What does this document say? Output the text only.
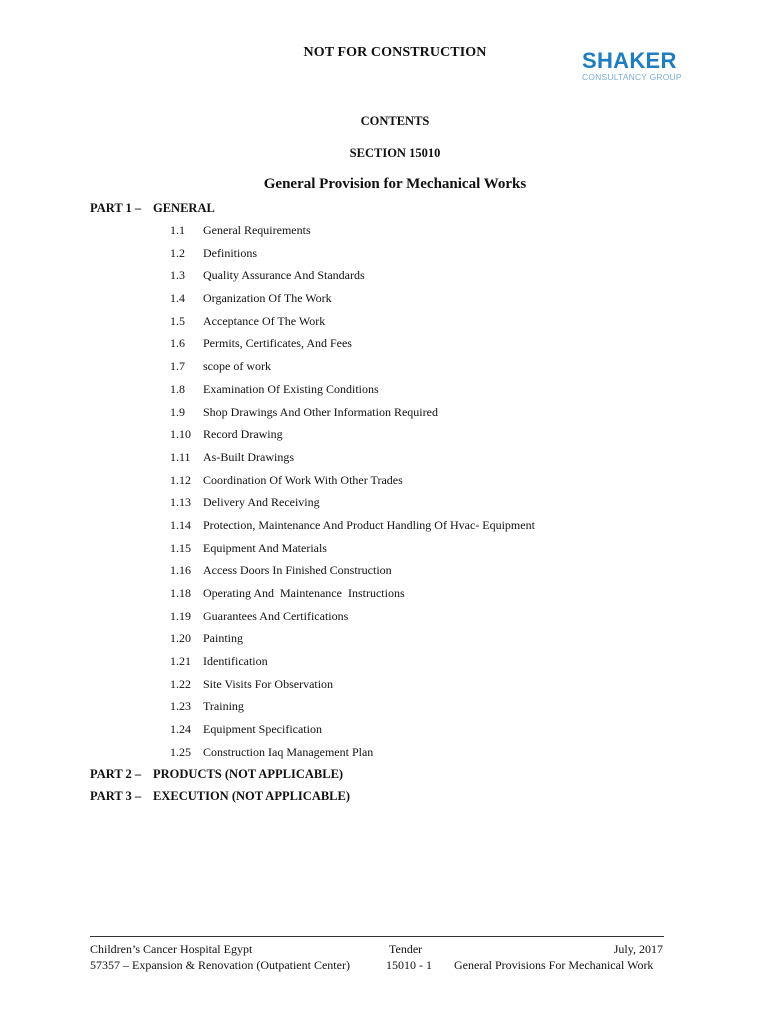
NOT FOR CONSTRUCTION	SHAKER
CONSULTANCY GROUP
CONTENTS
SECTION 15010
General Provision for Mechanical Works
PART 1 – GENERAL
1.1 General Requirements
1.2 Definitions
1.3 Quality Assurance And Standards
1.4 Organization Of The Work
1.5 Acceptance Of The Work
1.6 Permits, Certificates, And Fees
1.7 scope of work
1.8 Examination Of Existing Conditions
1.9 Shop Drawings And Other Information Required
1.10 Record Drawing
1.11 As-Built Drawings
1.12 Coordination Of Work With Other Trades
1.13 Delivery And Receiving
1.14 Protection, Maintenance And Product Handling Of Hvac- Equipment
1.15 Equipment And Materials
1.16 Access Doors In Finished Construction
1.18 Operating And  Maintenance  Instructions
1.19 Guarantees And Certifications
1.20 Painting
1.21 Identification
1.22 Site Visits For Observation
1.23 Training
1.24 Equipment Specification
1.25 Construction Iaq Management Plan
PART 2 – PRODUCTS (NOT APPLICABLE)
PART 3 – EXECUTION (NOT APPLICABLE)
Children’s Cancer Hospital Egypt	Tender	July, 2017
57357 – Expansion & Renovation (Outpatient Center)	15010 - 1 General Provisions For Mechanical Work
